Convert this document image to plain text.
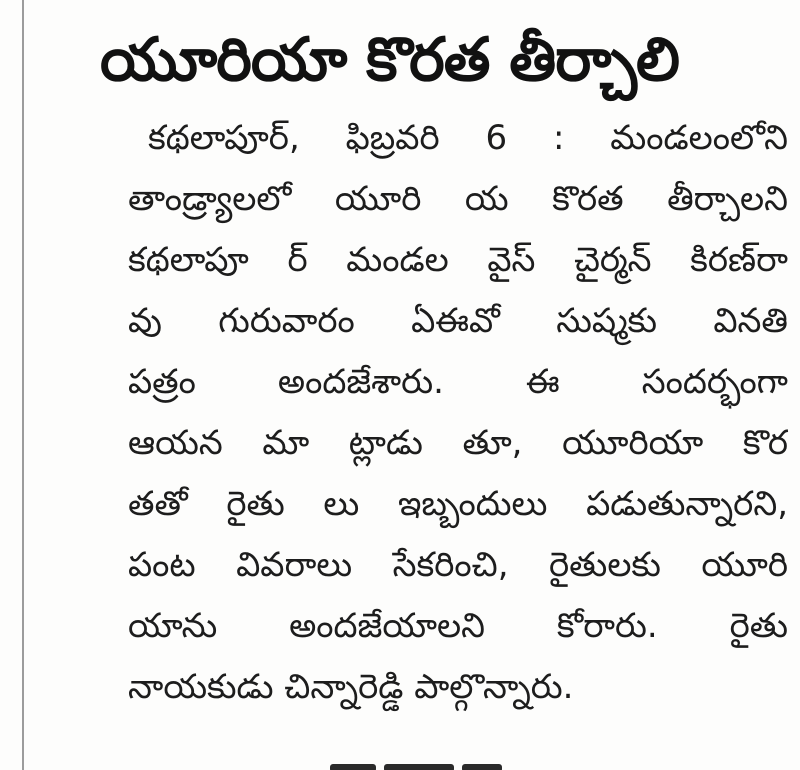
యూరియా కొరత తీర్చాలి
కథలాపూర్, ఫిబ్రవరి 6 : మండలంలోని
తాండ్ర్యాలలో యూరి య కొరత తీర్చాలని
కథలాపూ ర్ మండల వైస్ చైర్మన్ కిరణ్‌రా
వు గురువారం ఏఈవో సుష్మకు వినతి
పత్రం అందజేశారు. ఈ సందర్భంగా
ఆయన మా ట్లాడు తూ, యూరియా కొర
తతో రైతు లు ఇబ్బందులు పడుతున్నారని,
పంట వివరాలు సేకరించి, రైతులకు యూరి
యాను అందజేయాలని కోరారు. రైతు
నాయకుడు చిన్నారెడ్డి పాల్గొన్నారు.
